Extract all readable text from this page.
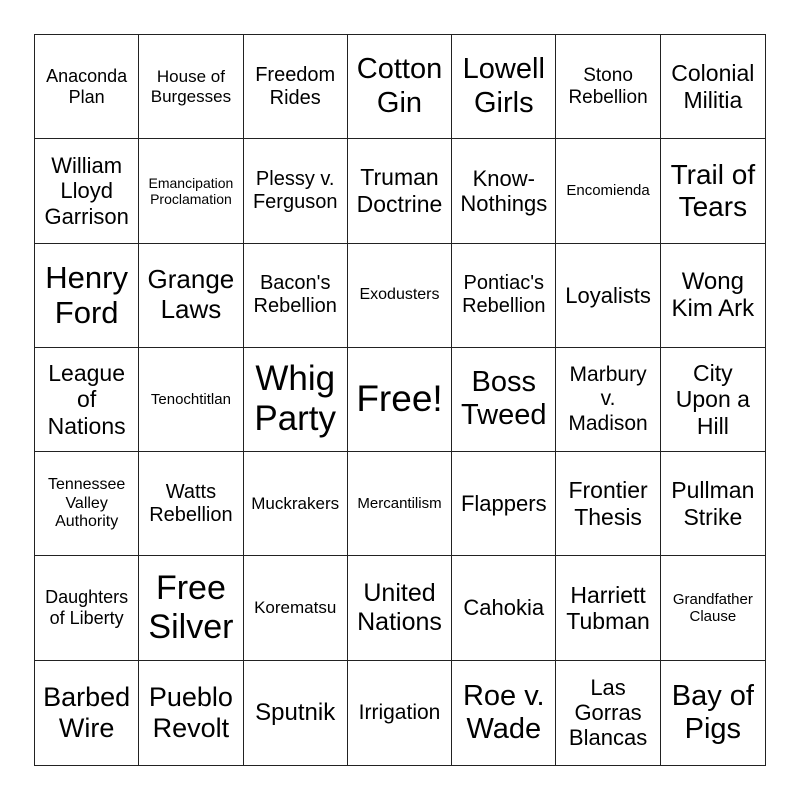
Anaconda Plan
House of Burgesses
Freedom Rides
Cotton Gin
Lowell Girls
Stono Rebellion
Colonial Militia
William Lloyd Garrison
Emancipation Proclamation
Plessy v. Ferguson
Truman Doctrine
Know-Nothings
Encomienda
Trail of Tears
Henry Ford
Grange Laws
Bacon's Rebellion
Exodusters
Pontiac's Rebellion Loyalists
Wong Kim Ark
League of Nations
Tenochtitlan
Whig Party Free! Boss Tweed
Marbury v. Madison
City Upon a Hill
Tennessee Valley Authority
Watts Rebellion
Muckrakers Mercantilism Flappers
Frontier Thesis
Pullman Strike
Daughters of Liberty
Free Silver
Korematsu
United Nations
Cahokia
Harriett Tubman
Grandfather Clause
Barbed Wire
Pueblo Revolt
Sputnik Irrigation
Roe v. Wade
Las Gorras Blancas
Bay of Pigs
